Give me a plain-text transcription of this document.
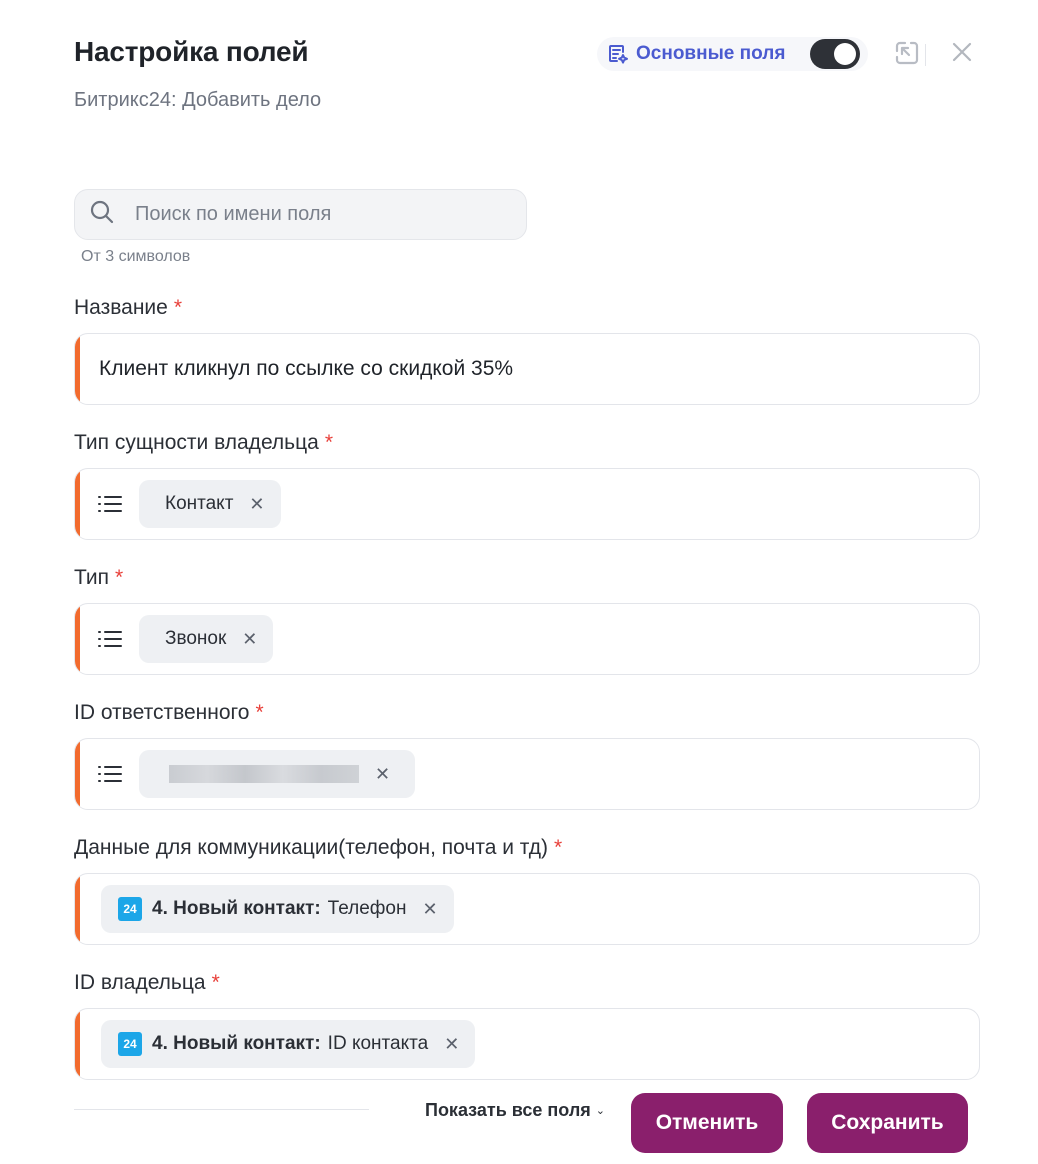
Настройка полей
Битрикс24: Добавить дело
Основные поля
Поиск по имени поля
От 3 символов
Название *
Клиент кликнул по ссылке со скидкой 35%
Тип сущности владельца *
Контакт ✕
Тип *
Звонок ✕
ID ответственного *
✕
Данные для коммуникации(телефон, почта и тд) *
24 4. Новый контакт: Телефон ✕
ID владельца *
24 4. Новый контакт: ID контакта ✕
Показать все поля ⌄	Отменить	Сохранить
